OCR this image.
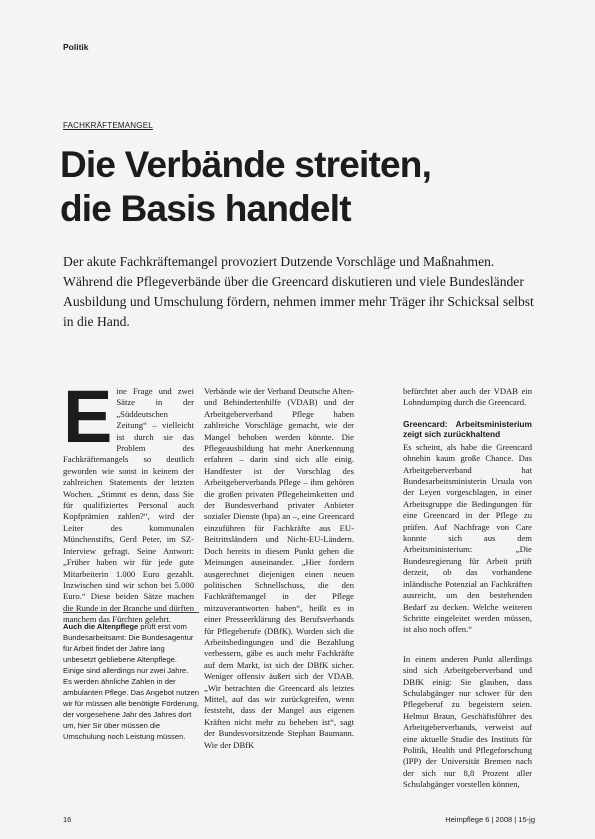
Politik
FACHKRÄFTEMANGEL
Die Verbände streiten,
die Basis handelt

Der akute Fachkräftemangel provoziert Dutzende Vorschläge und Maßnahmen. Während die Pflegeverbände über die Greencard diskutieren und viele Bundesländer Ausbildung und Umschulung fördern, nehmen immer mehr Träger ihr Schicksal selbst in die Hand.

E ine Frage und zwei Sätze in der „Süddeutschen Zeitung“ – vielleicht ist durch sie das Problem des Fachkräftemangels so deutlich geworden wie sonst in keinem der zahlreichen Statements der letzten Wochen. „Stimmt es denn, dass Sie für qualifiziertes Personal auch Kopfprämien zahlen?“, wird der Leiter des kommunalen Münchenstifts, Gerd Peter, im SZ-Interview gefragt. Seine Antwort: „Früher haben wir für jede gute Mitarbeiterin 1.000 Euro gezahlt. Inzwischen sind wir schon bei 5.000 Euro.“ Diese beiden Sätze machen die Runde in der Branche und dürften manchem das Fürchten gelehrt.

Auch die Altenpflege prüft erst vom Bundesarbeitsamt: Die Bundesagentur für Arbeit findet der Jahre lang unbesetzt gebliebene Altenpflege. Einige sind allerdings nur zwei Jahre. Es werden ähnliche Zahlen in der ambulanten Pflege. Das Angebot nutzen wir für müssen alle benötigte Förderung, der vorgesehene Jahr des Jahres dort um, hier Sir über müssen die Umschulung noch Leistung müssen.

Verbände wie der Verband Deutsche Alten- und Behindertenhilfe (VDAB) und der Arbeitgeberverband Pflege haben zahlreiche Vorschläge gemacht, wie der Mangel behoben werden könnte. Die Pflegeausbildung hat mehr Anerkennung erfahren – darin sind sich alle einig. Handfester ist der Vorschlag des Arbeitgeberverbands Pflege – ihm gehören die großen privaten Pflegeheimketten und der Bundesverband privater Anbieter sozialer Dienste (bpa) an –, eine Greencard einzuführen für Fachkräfte aus EU-Beitrittsländern und Nicht-EU-Ländern. Doch bereits in diesem Punkt gehen die Meinungen auseinander. „Hier fordern ausgerechnet diejenigen einen neuen politischen Schnellschuss, die den Fachkräftemangel in der Pflege mitzuverantworten haben“, heißt es in einer Presseerklärung des Berufsverbands für Pflegeberufe (DBfK). Wurden sich die Arbeitsbedingungen und die Bezahlung verbessern, gäbe es auch mehr Fachkräfte auf dem Markt, ist sich der DBfK sicher. Weniger offensiv äußert sich der VDAB. „Wir betrachten die Greencard als letztes Mittel, auf das wir zurückgreifen, wenn feststeht, dass der Mangel aus eigenen Kräften nicht mehr zu beheben ist“, sagt der Bundesvorsitzende Stephan Baumann. Wie der DBfK

befürchtet aber auch der VDAB ein Lohndumping durch die Greencard.

Greencard: Arbeitsministerium zeigt sich zurückhaltend

Es scheint, als habe die Greencard ohnehin kaum große Chance. Das Arbeitgeberverband hat Bundesarbeitsministerin Ursula von der Leyen vorgeschlagen, in einer Arbeitsgruppe die Bedingungen für eine Greencard in der Pflege zu prüfen. Auf Nachfrage von Care konnte sich aus dem Arbeitsministerium: „Die Bundesregierung für Arbeit prüft derzeit, ob das vorhandene inländische Potenzial an Fachkräften ausreicht, um den bestehenden Bedarf zu decken. Welche weiteren Schritte eingeleitet werden müssen, ist also noch offen.“

In einem anderen Punkt allerdings sind sich Arbeitgeberverband und DBfK einig: Sie glauben, dass Schulabgänger nur schwer für den Pflegeberuf zu begeistern seien. Helmut Braun, Geschäftsführer des Arbeitgeberverbands, verweist auf eine aktuelle Studie des Instituts für Politik, Health und Pflegeforschung (IPP) der Universität Bremen nach der sich nur 8,8 Prozent aller Schulabgänger vorstellen können,

16	Heimpflege 6 | 2008 | 15-jg
